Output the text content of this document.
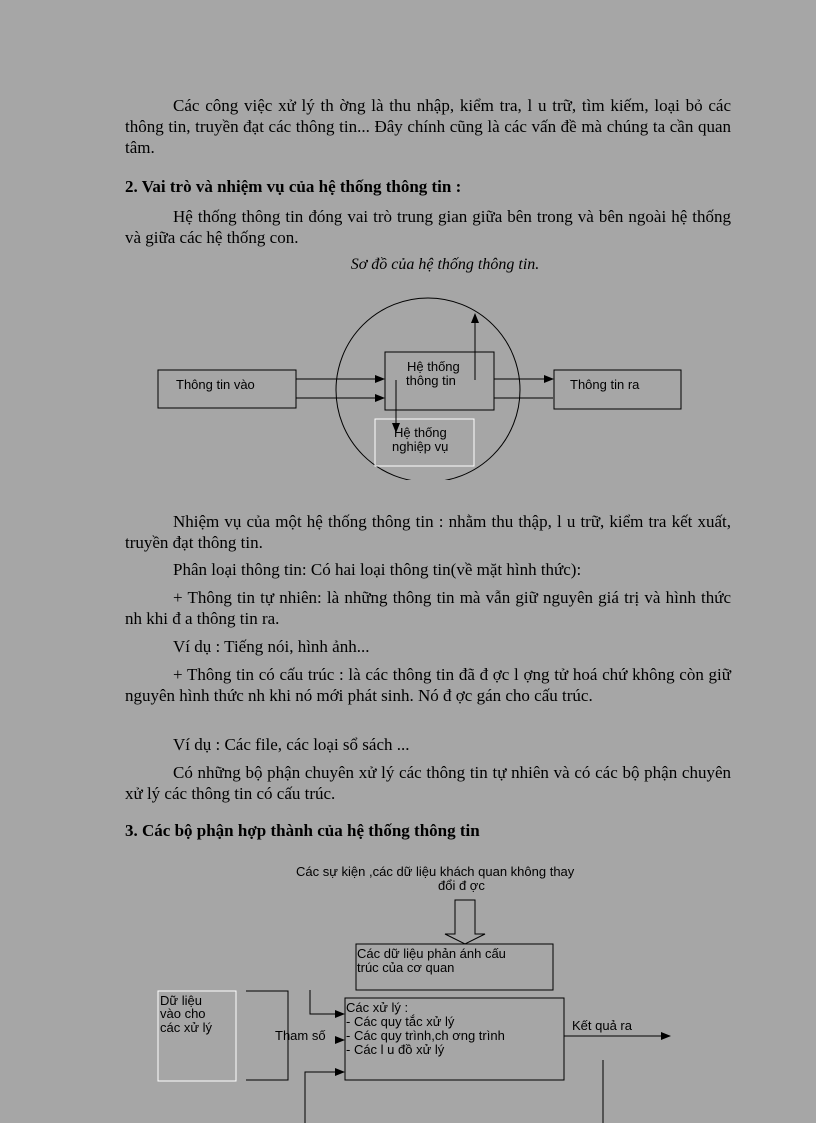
Các công việc xử lý th ờng là thu nhập, kiểm tra, l u trữ, tìm kiếm, loại bỏ các thông tin, truyền đạt các thông tin... Đây chính cũng là các vấn đề mà chúng ta cần quan tâm.

2. Vai trò và nhiệm vụ của hệ thống thông tin :

Hệ thống thông tin đóng vai trò trung gian giữa bên trong và bên ngoài hệ thống và giữa các hệ thống con.

Sơ đồ của hệ thống thông tin.

Thông tin vào
Hệ thống
thông tin	Thông tin ra
Hệ thống
nghiệp vụ

Nhiệm vụ của một hệ thống thông tin : nhằm thu thập, l u trữ, kiểm tra kết xuất, truyền đạt thông tin.

Phân loại thông tin: Có hai loại thông tin(về mặt hình thức):

+ Thông tin tự nhiên: là những thông tin mà vẫn giữ nguyên giá trị và hình thức nh khi đ a thông tin ra.

Ví dụ : Tiếng nói, hình ảnh...

+ Thông tin có cấu trúc : là các thông tin đã đ ợc l ợng tử hoá chứ không còn giữ nguyên hình thức nh khi nó mới phát sinh. Nó đ ợc gán cho cấu trúc.

Ví dụ : Các file, các loại sổ sách ...

Có những bộ phận chuyên xử lý các thông tin tự nhiên và có các bộ phận chuyên xử lý các thông tin có cấu trúc.

3. Các bộ phận hợp thành của hệ thống thông tin

Các sự kiện ,các dữ liệu khách quan không thay
đổi đ ợc
Các dữ liệu phản ánh cấu
trúc của cơ quan
Dữ liệu
vào cho
các xử lý
Các xử lý :
- Các quy tắc xử lý
- Các quy trình,ch ơng trình
- Các l u đồ xử lý
Tham số
Kết quả ra
